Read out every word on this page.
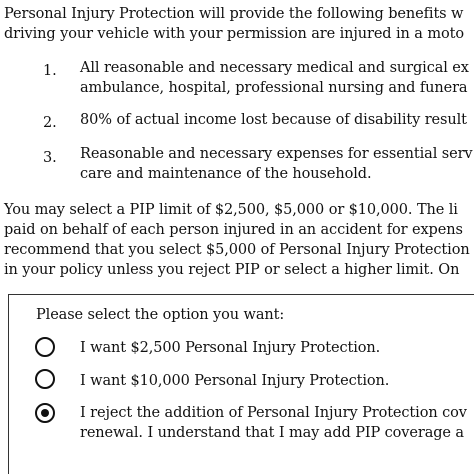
Personal Injury Protection will provide the following benefits w
driving your vehicle with your permission are injured in a moto
1. All reasonable and necessary medical and surgical ex
ambulance, hospital, professional nursing and funera
2. 80% of actual income lost because of disability result
3. Reasonable and necessary expenses for essential serv
care and maintenance of the household.
You may select a PIP limit of $2,500, $5,000 or $10,000. The li
paid on behalf of each person injured in an accident for expens
recommend that you select $5,000 of Personal Injury Protection
in your policy unless you reject PIP or select a higher limit. On
Please select the option you want:
I want $2,500 Personal Injury Protection.
I want $10,000 Personal Injury Protection.
I reject the addition of Personal Injury Protection cov
renewal. I understand that I may add PIP coverage a
